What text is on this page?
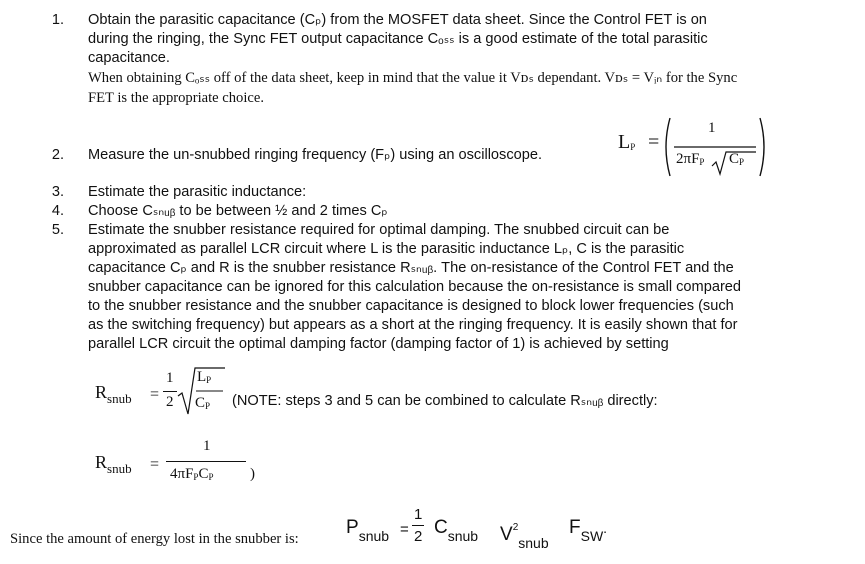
1. Obtain the parasitic capacitance (Cₚ) from the MOSFET data sheet. Since the Control FET is on
during the ringing, the Sync FET output capacitance Cₒₛₛ is a good estimate of the total parasitic
capacitance.
When obtaining Cₒₛₛ off of the data sheet, keep in mind that the value it Vᴅₛ dependant. Vᴅₛ = Vᵢₙ for the Sync
FET is the appropriate choice.
2. Measure the un-snubbed ringing frequency (Fₚ) using an oscilloscope.
LP =
1
2πFP CP
3. Estimate the parasitic inductance:
4. Choose Cₛₙᵤᵦ to be between ½ and 2 times Cₚ
5. Estimate the snubber resistance required for optimal damping. The snubbed circuit can be
approximated as parallel LCR circuit where L is the parasitic inductance Lₚ, C is the parasitic
capacitance Cₚ and R is the snubber resistance Rₛₙᵤᵦ. The on-resistance of the Control FET and the
snubber capacitance can be ignored for this calculation because the on-resistance is small compared
to the snubber resistance and the snubber capacitance is designed to block lower frequencies (such
as the switching frequency) but appears as a short at the ringing frequency. It is easily shown that for
parallel LCR circuit the optimal damping factor (damping factor of 1) is achieved by setting
$R_{snub}$ =
1
2
LP
CP (NOTE: steps 3 and 5 can be combined to calculate Rₛₙᵤᵦ directly:
$R_{snub}$ =
1
4πFPCP )
Since the amount of energy lost in the snubber is:
$P_{snub}$ =
1
2 $C_{snub}$ $V^2_{snub}$
$F_{SW}$.
